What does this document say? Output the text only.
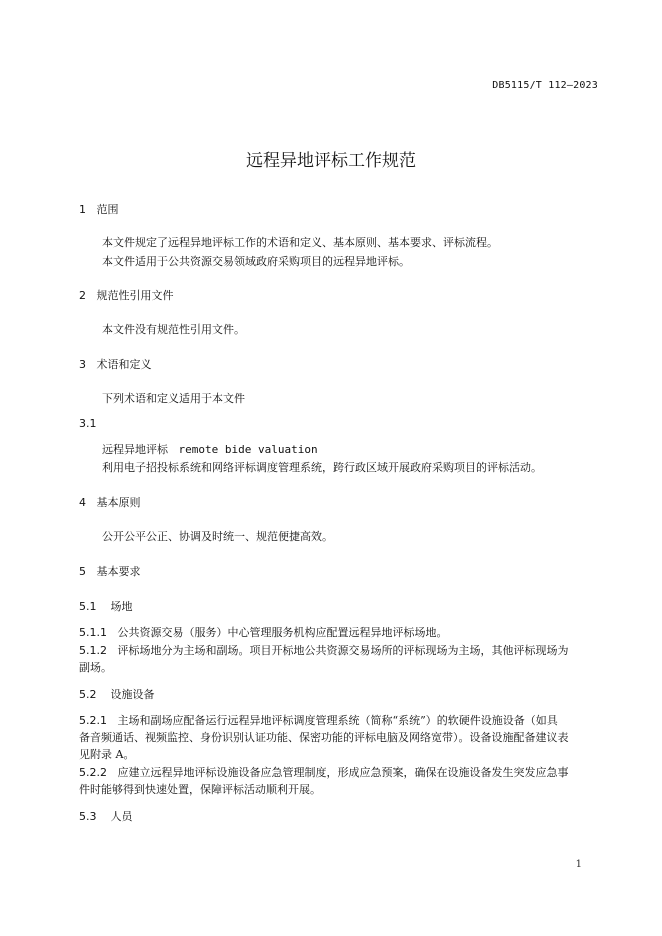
DB5115/T 112—2023
远程异地评标工作规范
1 范围
本文件规定了远程异地评标工作的术语和定义、基本原则、基本要求、评标流程。
本文件适用于公共资源交易领域政府采购项目的远程异地评标。
2 规范性引用文件
本文件没有规范性引用文件。
3 术语和定义
下列术语和定义适用于本文件
3.1
远程异地评标 remote bide valuation
利用电子招投标系统和网络评标调度管理系统，跨行政区域开展政府采购项目的评标活动。
4 基本原则
公开公平公正、协调及时统一、规范便捷高效。
5 基本要求
5.1 场地
5.1.1 公共资源交易（服务）中心管理服务机构应配置远程异地评标场地。
5.1.2 评标场地分为主场和副场。项目开标地公共资源交易场所的评标现场为主场，其他评标现场为
副场。
5.2 设施设备
5.2.1 主场和副场应配备运行远程异地评标调度管理系统（简称“系统”）的软硬件设施设备（如具
备音频通话、视频监控、身份识别认证功能、保密功能的评标电脑及网络宽带）。设备设施配备建议表
见附录 A。
5.2.2 应建立远程异地评标设施设备应急管理制度，形成应急预案，确保在设施设备发生突发应急事
件时能够得到快速处置，保障评标活动顺利开展。
5.3 人员
1
